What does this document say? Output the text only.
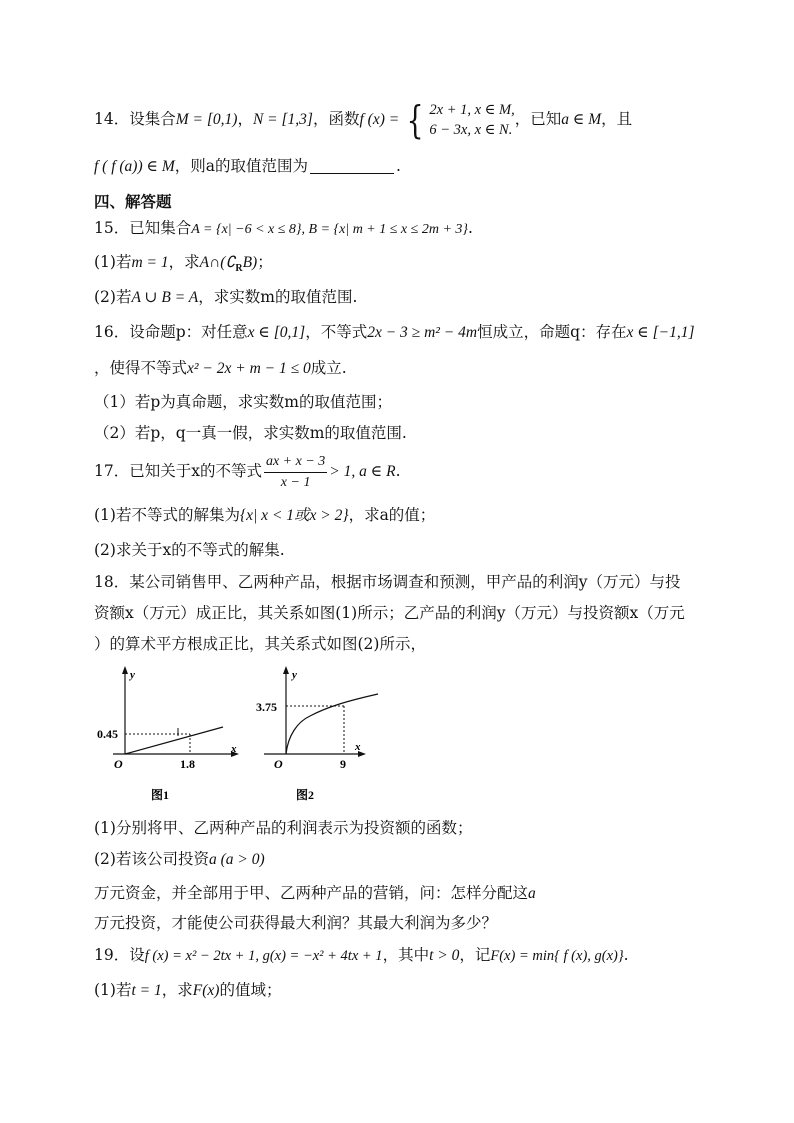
14．设集合M = [0,1)，N = [1,3]，函数f (x) = { 2x + 1, x ∈ M,
6 − 3x, x ∈ N.
，已知a ∈ M，且
f ( f (a)) ∈ M，则a的取值范围为	.
四、解答题
15．已知集合A = {x| −6 < x ≤ 8}, B = {x| m + 1 ≤ x ≤ 2m + 3}.
(1)若m = 1，求$A\cap(∁_RB)$；
(2)若A ∪ B = A，求实数m的取值范围.
16．设命题p：对任意x ∈ [0,1]，不等式2x − 3 ≥ m² − 4m恒成立，命题q：存在x ∈ [−1,1]
，使得不等式x² − 2x + m − 1 ≤ 0成立.
（1）若p为真命题，求实数m的取值范围；
（2）若p，q一真一假，求实数m的取值范围.
17．已知关于x的不等式 $\frac{ax + x - 3}{x - 1} > 1$, a ∈ R.
(1)若不等式的解集为{x| x < 1或x > 2}，求a的值；
(2)求关于x的不等式的解集.
18．某公司销售甲、乙两种产品，根据市场调查和预测，甲产品的利润y（万元）与投
资额x（万元）成正比，其关系如图(1)所示；乙产品的利润y（万元）与投资额x（万元
）的算术平方根成正比，其关系式如图(2)所示，
y
x
O
0.45
1.8
图1
y
x
O
3.75
9
图2
(1)分别将甲、乙两种产品的利润表示为投资额的函数；
(2)若该公司投资a (a > 0)
万元资金，并全部用于甲、乙两种产品的营销，问：怎样分配这a
万元投资，才能使公司获得最大利润？其最大利润为多少？
19．设f (x) = x² − 2tx + 1, g(x) = −x² + 4tx + 1，其中t > 0，记F(x) = min{ f (x), g(x)}.
(1)若t = 1，求F(x)的值域；
